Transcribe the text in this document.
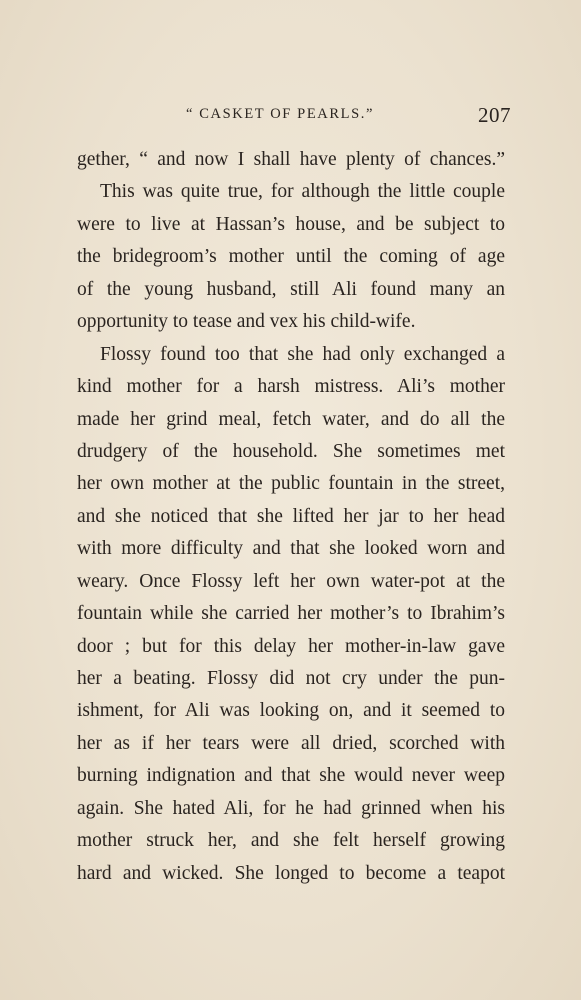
“ CASKET OF PEARLS.”	207
gether, “ and now I shall have plenty of chances.”
This was quite true, for although the little couple
were to live at Hassan’s house, and be subject to
the bridegroom’s mother until the coming of age
of the young husband, still Ali found many an
opportunity to tease and vex his child-wife.
Flossy found too that she had only exchanged a
kind mother for a harsh mistress. Ali’s mother
made her grind meal, fetch water, and do all the
drudgery of the household. She sometimes met
her own mother at the public fountain in the street,
and she noticed that she lifted her jar to her head
with more difficulty and that she looked worn and
weary. Once Flossy left her own water-pot at the
fountain while she carried her mother’s to Ibrahim’s
door ; but for this delay her mother-in-law gave
her a beating. Flossy did not cry under the pun-
ishment, for Ali was looking on, and it seemed to
her as if her tears were all dried, scorched with
burning indignation and that she would never weep
again. She hated Ali, for he had grinned when his
mother struck her, and she felt herself growing
hard and wicked. She longed to become a teapot
